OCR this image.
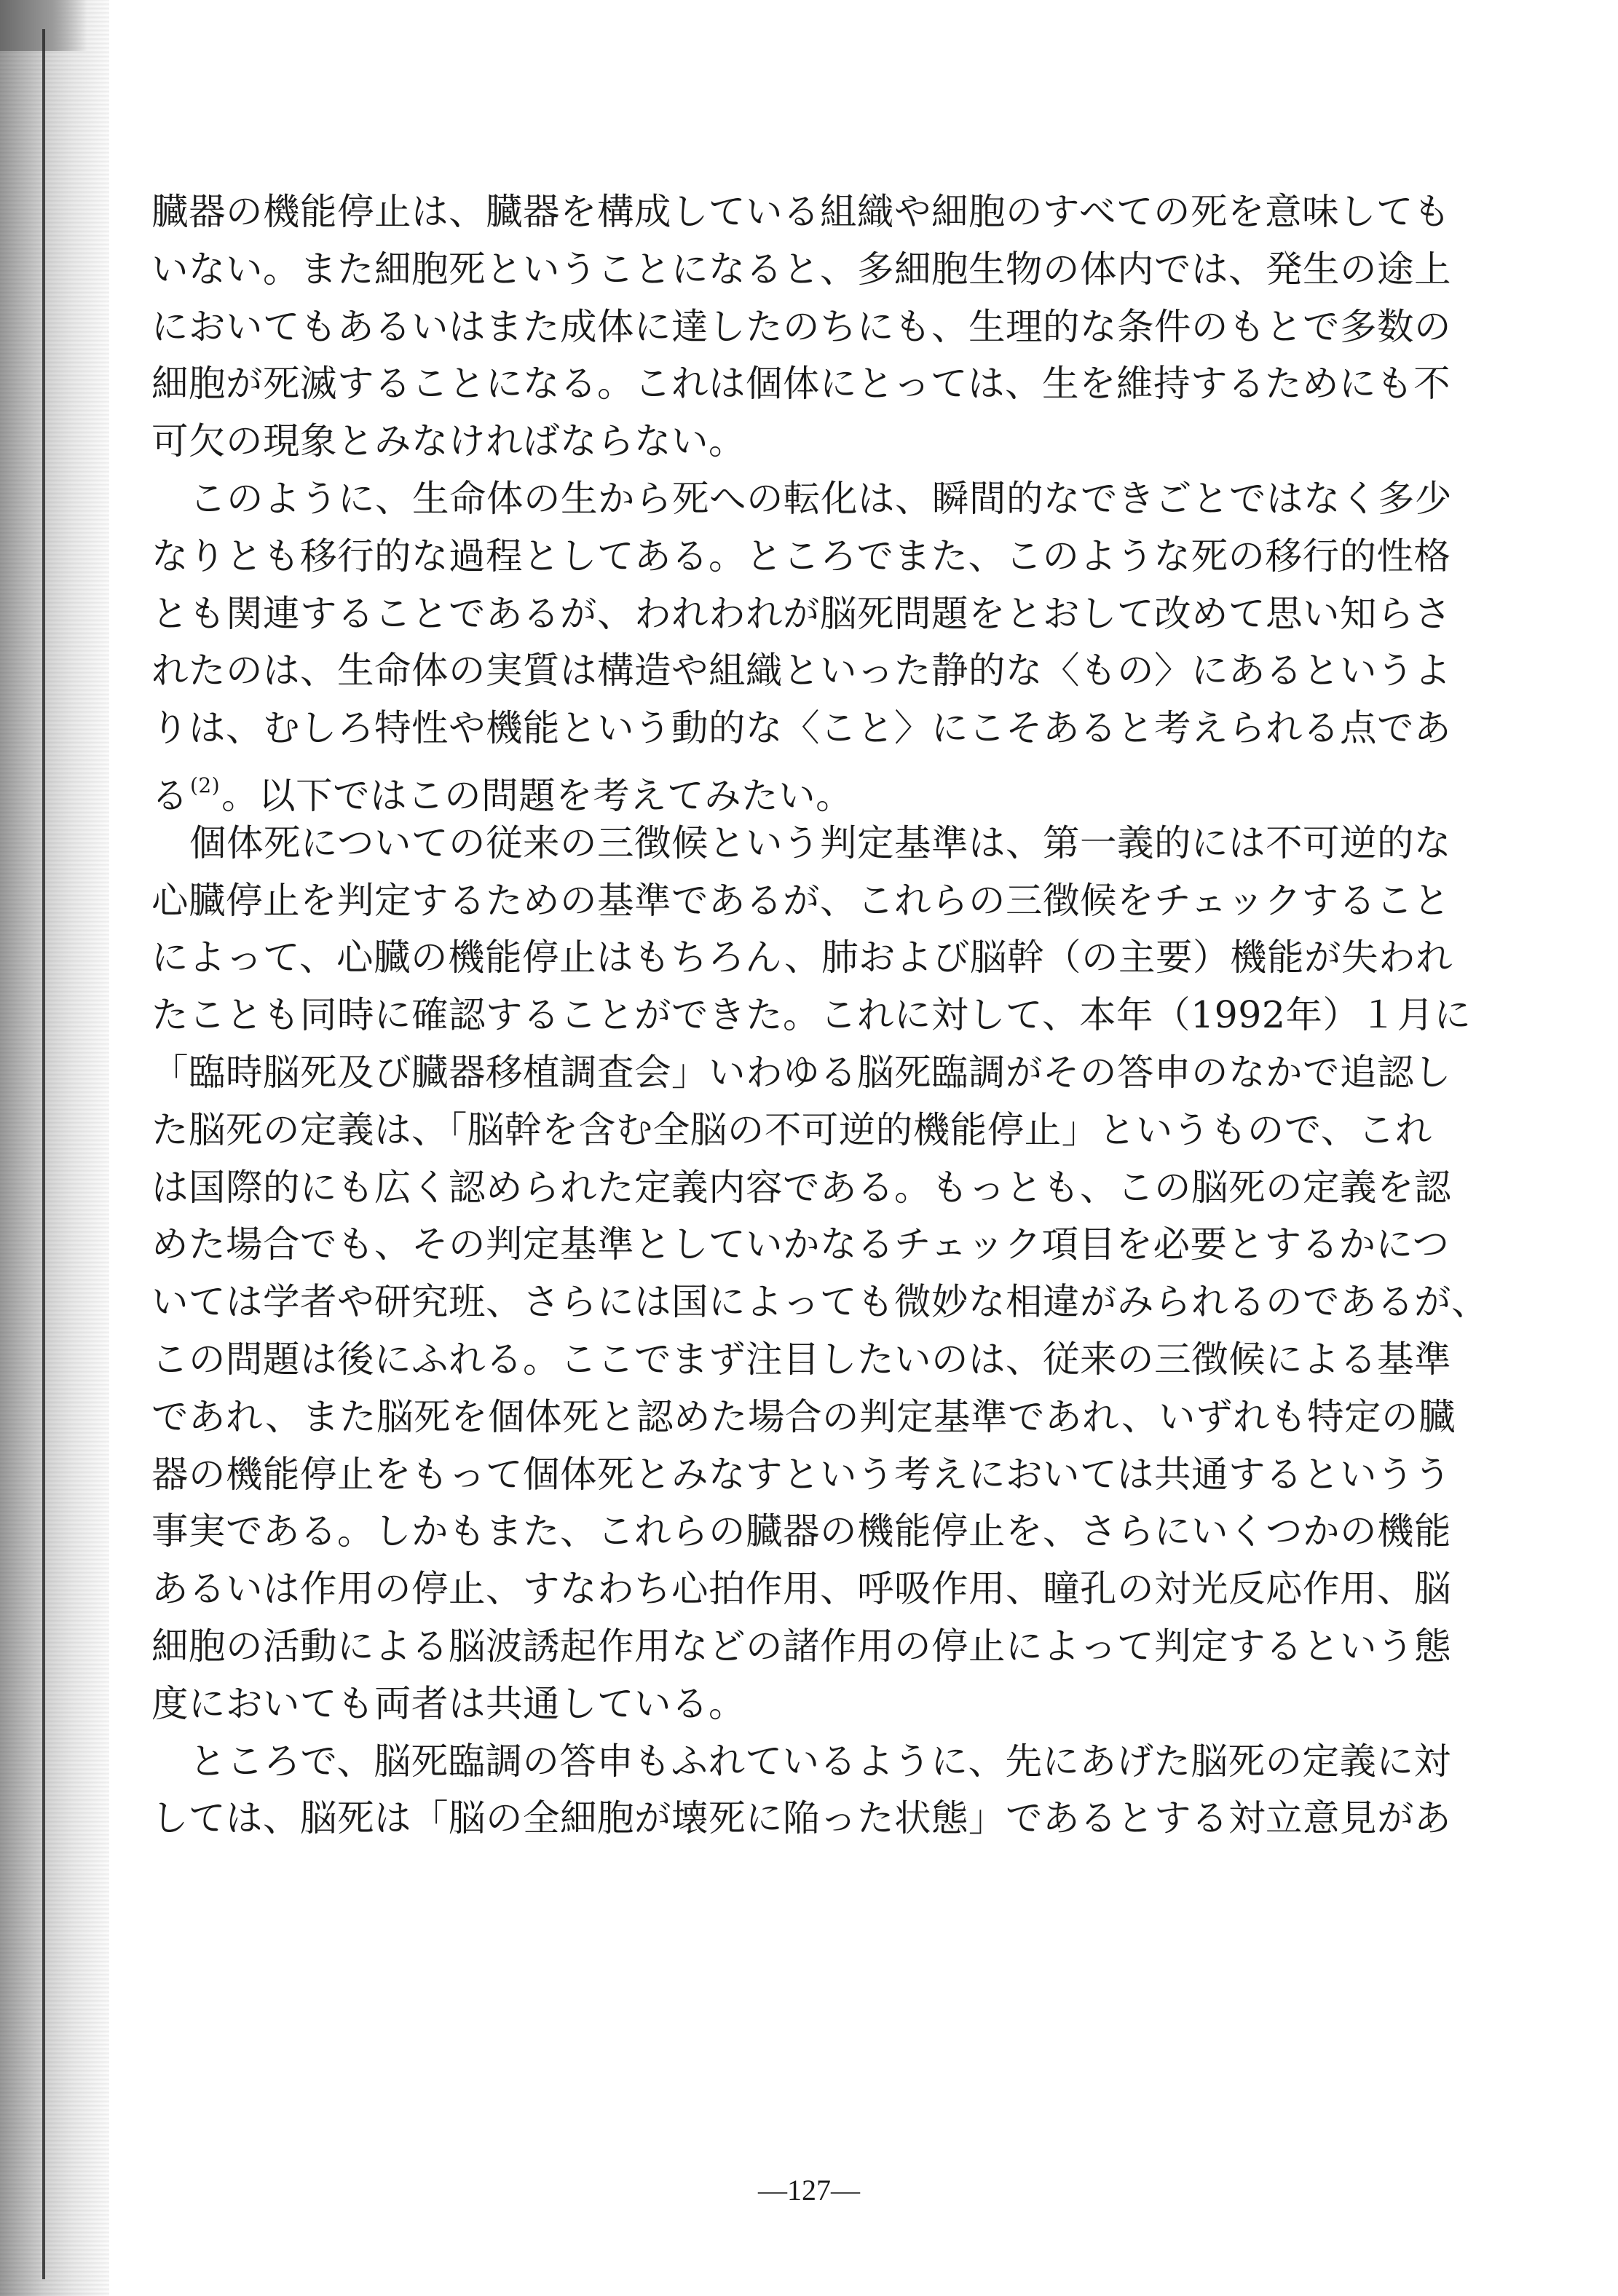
臓器の機能停止は、臓器を構成している組織や細胞のすべての死を意味しても
いない。また細胞死ということになると、多細胞生物の体内では、発生の途上
においてもあるいはまた成体に達したのちにも、生理的な条件のもとで多数の
細胞が死滅することになる。これは個体にとっては、生を維持するためにも不
可欠の現象とみなければならない。
このように、生命体の生から死への転化は、瞬間的なできごとではなく多少
なりとも移行的な過程としてある。ところでまた、このような死の移行的性格
とも関連することであるが、われわれが脳死問題をとおして改めて思い知らさ
れたのは、生命体の実質は構造や組織といった静的な〈もの〉にあるというよ
りは、むしろ特性や機能という動的な〈こと〉にこそあると考えられる点であ
る$^{(2)}$。以下ではこの問題を考えてみたい。
個体死についての従来の三徴候という判定基準は、第一義的には不可逆的な
心臓停止を判定するための基準であるが、これらの三徴候をチェックすること
によって、心臓の機能停止はもちろん、肺および脳幹（の主要）機能が失われ
たことも同時に確認することができた。これに対して、本年（1992年）１月に
「臨時脳死及び臓器移植調査会」いわゆる脳死臨調がその答申のなかで追認し
た脳死の定義は、「脳幹を含む全脳の不可逆的機能停止」というもので、これ
は国際的にも広く認められた定義内容である。もっとも、この脳死の定義を認
めた場合でも、その判定基準としていかなるチェック項目を必要とするかにつ
いては学者や研究班、さらには国によっても微妙な相違がみられるのであるが、
この問題は後にふれる。ここでまず注目したいのは、従来の三徴候による基準
であれ、また脳死を個体死と認めた場合の判定基準であれ、いずれも特定の臓
器の機能停止をもって個体死とみなすという考えにおいては共通するというう
事実である。しかもまた、これらの臓器の機能停止を、さらにいくつかの機能
あるいは作用の停止、すなわち心拍作用、呼吸作用、瞳孔の対光反応作用、脳
細胞の活動による脳波誘起作用などの諸作用の停止によって判定するという態
度においても両者は共通している。
ところで、脳死臨調の答申もふれているように、先にあげた脳死の定義に対
しては、脳死は「脳の全細胞が壊死に陥った状態」であるとする対立意見があ
—127—
